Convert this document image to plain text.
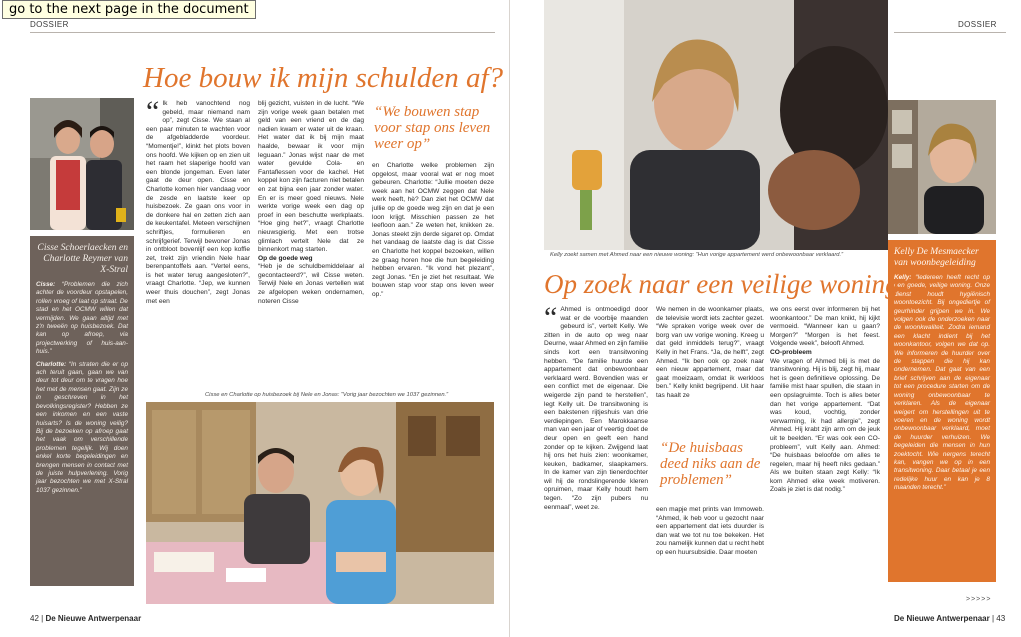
go to the next page in the document
DOSSIER
Hoe bouw ik mijn schulden af?
Cisse Schoerlaecken en Charlotte Reymer van X-Stral
Cisse: “Problemen die zich achter de voordeur opstapelen, rollen vroeg of laat op straat. De stad en het OCMW willen dat vermijden. We gaan altijd met z'n tweeën op huisbezoek. Dat kan op afroep, via projectwerking of huis-aan-huis.”
Charlotte: “In straten die er op ach teruit gaan, gaan we van deur tot deur om te vragen hoe het met de mensen gaat. Zijn ze in geschreven in het bevolkingsregister? Hebben ze een inkomen en een vaste huisarts? Is de woning veilig? Bij de bezoeken op afroep gaat het vaak om verschillende problemen tegelijk. Wij doen enkel korte begeleidingen en brengen mensen in contact met de juiste hulpverlening. Vorig jaar bezochten we met X-Stral 1037 gezinnen.”
“ Ik heb vanochtend nog gebeld, maar niemand nam op”, zegt Cisse. We staan al een paar minuten te wachten voor de afgebladderde voordeur. “Momentje!”, klinkt het plots boven ons hoofd. We kijken op en zien uit het raam het slaperige hoofd van een blonde jongeman. Even later gaat de deur open. Cisse en Charlotte komen hier vandaag voor de zesde en laatste keer op huisbezoek. Ze gaan ons voor in de donkere hal en zetten zich aan de keukentafel. Meteen verschijnen schriftjes, formulieren en schrijfgerief. Terwijl bewoner Jonas in ontbloot bovenlijf een kop koffie zet, trekt zijn vriendin Nele haar berenpantoffels aan. “Vertel eens, is het water terug aangesloten?”, vraagt Charlotte. “Jep, we kunnen weer thuis douchen”, zegt Jonas met een

blij gezicht, vuisten in de lucht. “We zijn vorige week gaan betalen met geld van een vriend en de dag nadien kwam er water uit de kraan. Het water dat ik bij mijn maat haalde, bewaar ik voor mijn leguaan.” Jonas wijst naar de met water gevulde Cola- en Fantaflessen voor de kachel. Het koppel kon zijn facturen niet betalen en zat bijna een jaar zonder water. En er is meer goed nieuws. Nele werkte vorige week een dag op proef in een beschutte werkplaats. “Hoe ging het?”, vraagt Charlotte nieuwsgierig. Met een trotse glimlach vertelt Nele dat ze binnenkort mag starten.

Op de goede weg

“Heb je de schuldbemiddelaar al gecontacteerd?”, wil Cisse weten. Terwijl Nele en Jonas vertellen wat ze afgelopen weken ondernamen, noteren Cisse

“We bouwen stap voor stap ons leven weer op”

en Charlotte welke problemen zijn opgelost, maar vooral wat er nog moet gebeuren. Charlotte: “Jullie moeten deze week aan het OCMW zeggen dat Nele werk heeft, hè? Dan ziet het OCMW dat jullie op de goede weg zijn en dat je een loon krijgt. Misschien passen ze het leefloon aan.” Ze weten het, knikken ze. Jonas steekt zijn derde sigaret op. Omdat het vandaag de laatste dag is dat Cisse en Charlotte het koppel bezoeken, willen ze graag horen hoe die hun begeleiding hebben ervaren. “Ik vond het plezant”, zegt Jonas. “En je ziet het resultaat. We bouwen stap voor stap ons leven weer op.”

Cisse en Charlotte op huisbezoek bij Nele en Jonas: “Vorig jaar bezochten we 1037 gezinnen.”
42 | De Nieuwe Antwerpenaar
Kelly zoekt samen met Ahmed naar een nieuwe woning: “Hun vorige appartement werd onbewoonbaar verklaard.”
DOSSIER
Kelly De Mesmaecker van woonbegeleiding
Kelly: “Iedereen heeft recht op een goede, veilige woning. Onze dienst houdt hygiënisch woontoezicht. Bij ongediertje of geurhinder grijpen we in. We volgen ook de onderzoeken naar de woonkwaliteit. Zodra iemand een klacht indient bij het woonkantoor, volgen we dat op. We informeren de huurder over de stappen die hij kan ondernemen. Dat gaat van een brief schrijven aan de eigenaar tot een procedure starten om de woning onbewoonbaar te verklaren. Als de eigenaar weigert om herstellingen uit te voeren en de woning wordt onbewoonbaar verklaard, moet de huurder verhuizen. We begeleiden die mensen in hun zoektocht. Wie nergens terecht kan, vangen we op in een transitwoning. Daar betaal je een redelijke huur en kan je 8 maanden terecht.”
Op zoek naar een veilige woning
“ Ahmed is ontmoedigd door wat er de voorbije maanden gebeurd is”, vertelt Kelly. We zitten in de auto op weg naar Deurne, waar Ahmed en zijn familie sinds kort een transitwoning hebben. “De familie huurde een appartement dat onbewoonbaar verklaard werd. Bovendien was er een conflict met de eigenaar. Die weigerde zijn pand te herstellen”, legt Kelly uit. De transitwoning is een bakstenen rijtjeshuis van drie verdiepingen. Een Marokkaanse man van een jaar of veertig doet de deur open en geeft een hand zonder op te kijken. Zwijgend laat hij ons het huis zien: woonkamer, keuken, badkamer, slaapkamers. In de kamer van zijn tienerdochter wil hij de rondslingerende kleren opruimen, maar Kelly houdt hem tegen. “Zo zijn pubers nu eenmaal”, weet ze.

We nemen in de woonkamer plaats, de televisie wordt iets zachter gezet. “We spraken vorige week over de borg van uw vorige woning. Kreeg u dat geld inmiddels terug?”, vraagt Kelly in het Frans. “Ja, de helft”, zegt Ahmed. “Ik ben ook op zoek naar een nieuw appartement, maar dat gaat moeizaam, omdat ik werkloos ben.” Kelly knikt begrijpend. Uit haar tas haalt ze

“De huisbaas deed niks aan de problemen”

een mapje met prints van Immoweb. “Ahmed, ik heb voor u gezocht naar een appartement dat iets duurder is dan wat we tot nu toe bekeken. Het zou namelijk kunnen dat u recht hebt op een huursubsidie. Daar moeten

we ons eerst over informeren bij het woonkantoor.” De man knikt, hij kijkt vermoeid. “Wanneer kan u gaan? Morgen?” “Morgen is het feest. Volgende week”, belooft Ahmed.

CO-probleem

We vragen of Ahmed blij is met de transitwoning. Hij is blij, zegt hij, maar het is geen definitieve oplossing. De familie mist haar spullen, die staan in een opslagruimte. Toch is alles beter dan het vorige appartement. “Dat was koud, vochtig, zonder verwarming, ik had allergie”, zegt Ahmed. Hij krabt zijn arm om de jeuk uit te beelden. “Er was ook een CO-probleem”, vult Kelly aan. Ahmed: “De huisbaas beloofde om alles te regelen, maar hij heeft niks gedaan.” Als we buiten staan zegt Kelly: “Ik kom Ahmed elke week motiveren. Zoals je ziet is dat nodig.”

>>>>>
De Nieuwe Antwerpenaar | 43
